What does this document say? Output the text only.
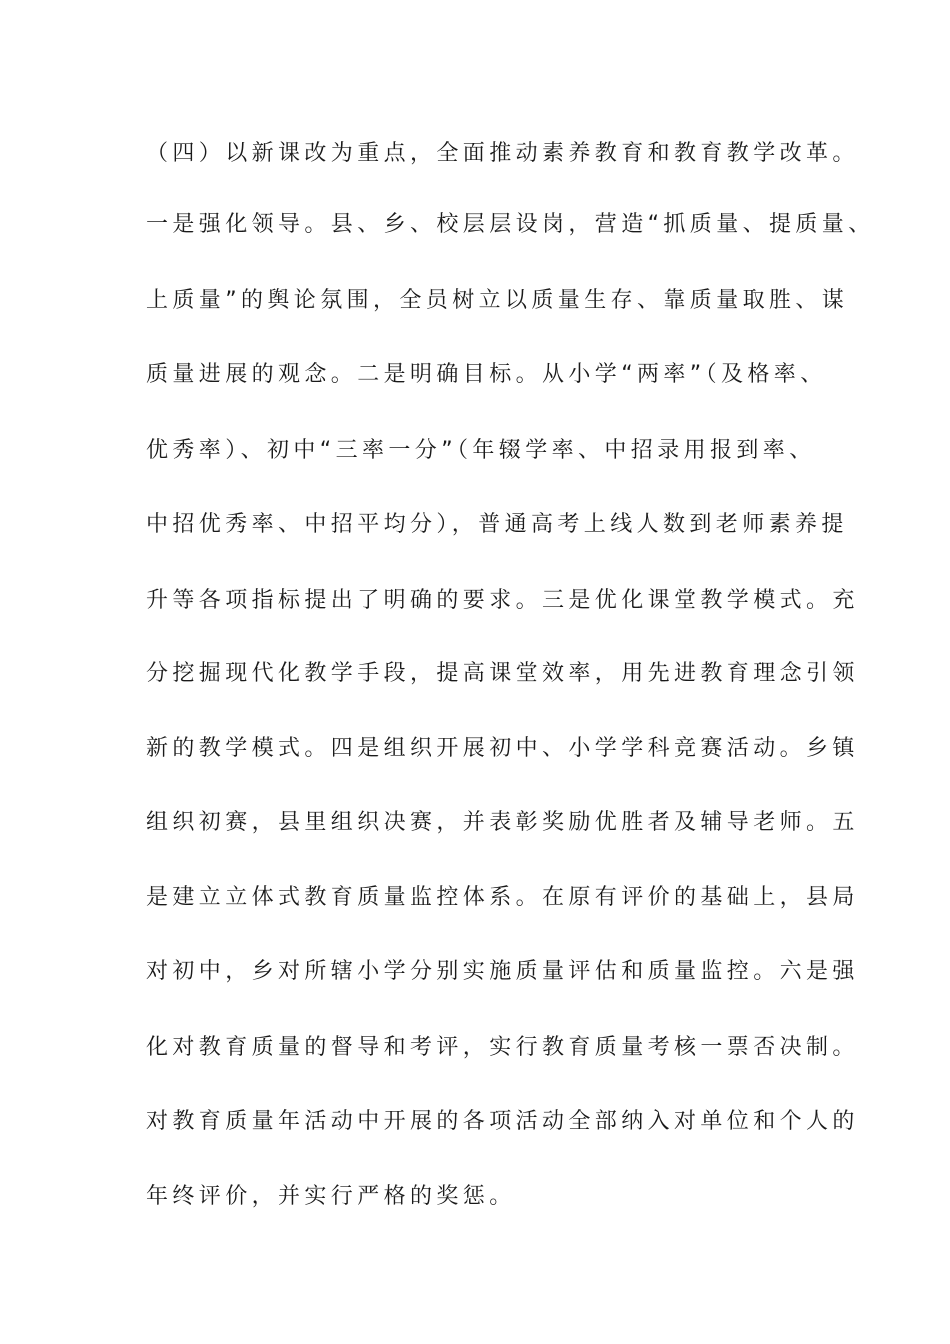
（四）以新课改为重点，全面推动素养教育和教育教学改革。

一是强化领导。县、乡、校层层设岗，营造“抓质量、提质量、

上质量”的舆论氛围，全员树立以质量生存、靠质量取胜、谋

质量进展的观念。二是明确目标。从小学“两率”（及格率、

优秀率）、初中“三率一分”（年辍学率、中招录用报到率、

中招优秀率、中招平均分），普通高考上线人数到老师素养提

升等各项指标提出了明确的要求。三是优化课堂教学模式。充

分挖掘现代化教学手段，提高课堂效率，用先进教育理念引领

新的教学模式。四是组织开展初中、小学学科竞赛活动。乡镇

组织初赛，县里组织决赛，并表彰奖励优胜者及辅导老师。五

是建立立体式教育质量监控体系。在原有评价的基础上，县局

对初中，乡对所辖小学分别实施质量评估和质量监控。六是强

化对教育质量的督导和考评，实行教育质量考核一票否决制。

对教育质量年活动中开展的各项活动全部纳入对单位和个人的

年终评价，并实行严格的奖惩。
